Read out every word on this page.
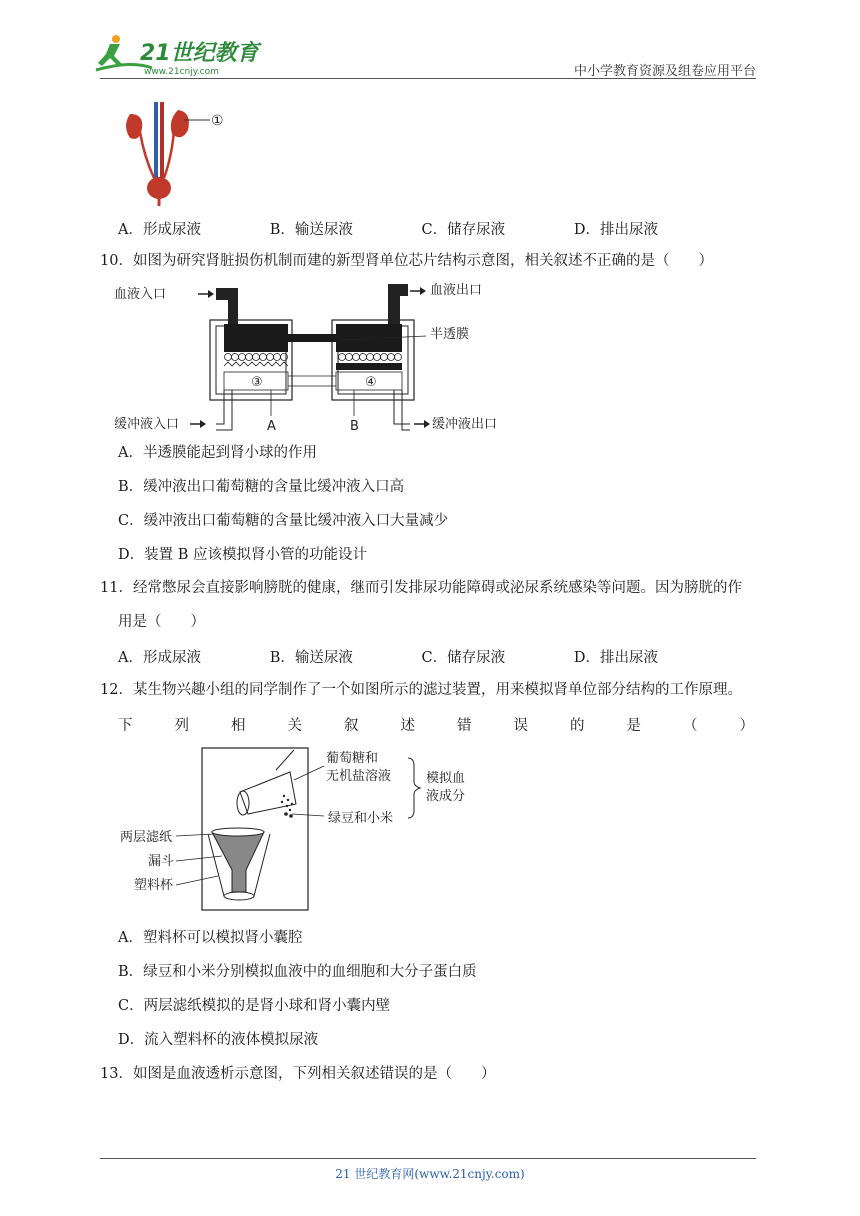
21世纪教育
www.21cnjy.com	中小学教育资源及组卷应用平台
①
A．形成尿液	B．输送尿液	C．储存尿液	D．排出尿液
10．如图为研究肾脏损伤机制而建的新型肾单位芯片结构示意图，相关叙述不正确的是（　　）
血液入口	血液出口
半透膜
③	④
缓冲液入口	缓冲液出口
A	B
A．半透膜能起到肾小球的作用
B．缓冲液出口葡萄糖的含量比缓冲液入口高
C．缓冲液出口葡萄糖的含量比缓冲液入口大量减少
D．装置 B 应该模拟肾小管的功能设计
11．经常憋尿会直接影响膀胱的健康，继而引发排尿功能障碍或泌尿系统感染等问题。因为膀胱的作
用是（　　）
A．形成尿液	B．输送尿液	C．储存尿液	D．排出尿液
12．某生物兴趣小组的同学制作了一个如图所示的滤过装置，用来模拟肾单位部分结构的工作原理。
下	列	相	关	叙	述	错	误	的	是	（	）
葡萄糖和
无机盐溶液
绿豆和小米
模拟血
液成分
两层滤纸
漏斗
塑料杯
A．塑料杯可以模拟肾小囊腔
B．绿豆和小米分别模拟血液中的血细胞和大分子蛋白质
C．两层滤纸模拟的是肾小球和肾小囊内壁
D．流入塑料杯的液体模拟尿液
13．如图是血液透析示意图，下列相关叙述错误的是（　　）
21 世纪教育网(www.21cnjy.com)
